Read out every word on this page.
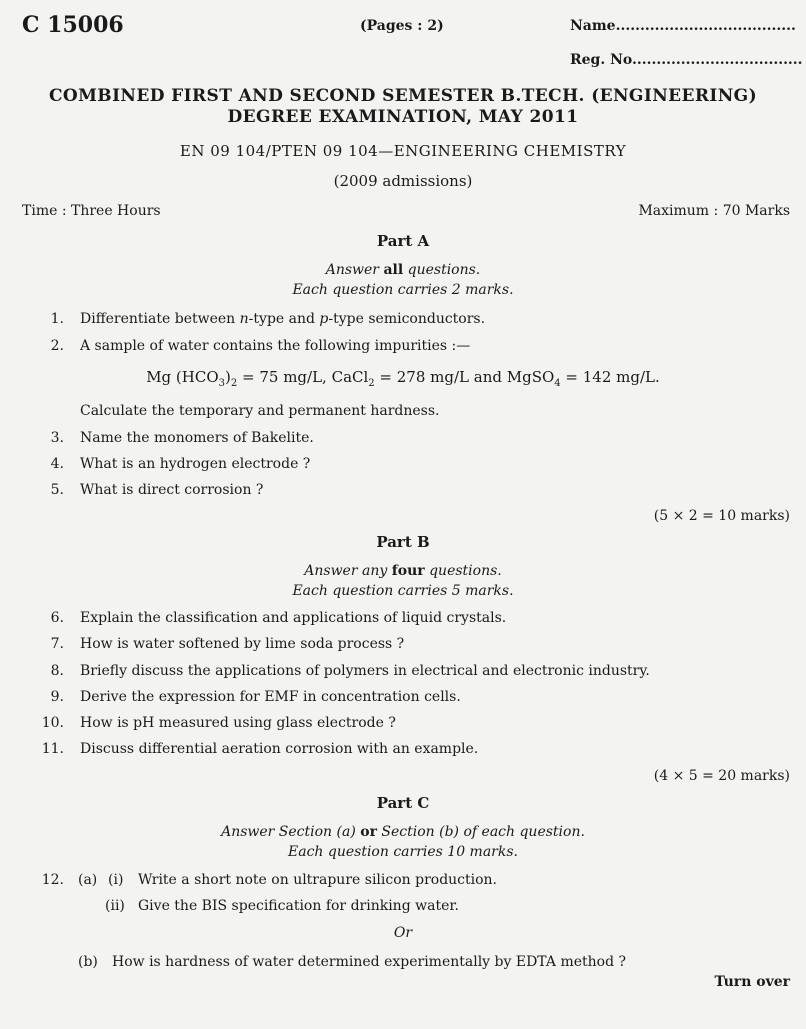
C 15006	(Pages : 2)	Name.....................................
Reg. No...................................
COMBINED FIRST AND SECOND SEMESTER B.TECH. (ENGINEERING)
DEGREE EXAMINATION, MAY 2011
EN 09 104/PTEN 09 104—ENGINEERING CHEMISTRY
(2009 admissions)
Time : Three Hours	Maximum : 70 Marks
Part A
Answer all questions.
Each question carries 2 marks.
1. Differentiate between n-type and p-type semiconductors.
2. A sample of water contains the following impurities :—
Mg $(HCO_3)_2 = 75$ mg/L, CaCl$_2$ = 278 mg/L and MgSO$_4$ = 142 mg/L.
Calculate the temporary and permanent hardness.
3. Name the monomers of Bakelite.
4. What is an hydrogen electrode ?
5. What is direct corrosion ?
(5 × 2 = 10 marks)
Part B
Answer any four questions.
Each question carries 5 marks.
6. Explain the classification and applications of liquid crystals.
7. How is water softened by lime soda process ?
8. Briefly discuss the applications of polymers in electrical and electronic industry.
9. Derive the expression for EMF in concentration cells.
10. How is pH measured using glass electrode ?
11. Discuss differential aeration corrosion with an example.
(4 × 5 = 20 marks)
Part C
Answer Section (a) or Section (b) of each question.
Each question carries 10 marks.
12. (a) (i) Write a short note on ultrapure silicon production.
(ii) Give the BIS specification for drinking water.
Or
(b) How is hardness of water determined experimentally by EDTA method ?
Turn over
